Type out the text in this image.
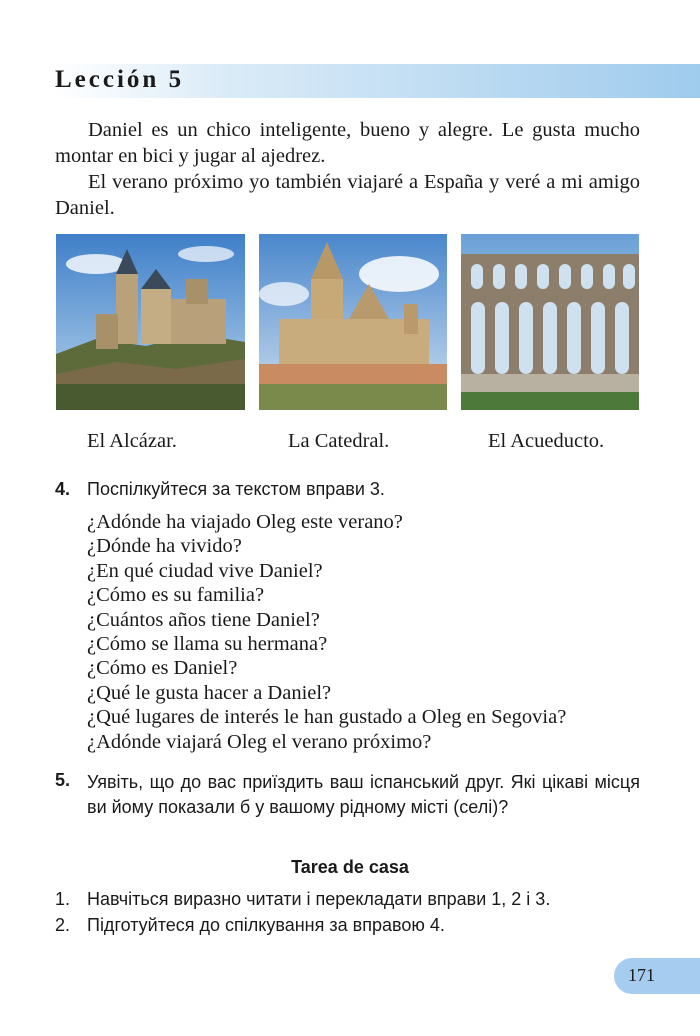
Lección 5

Daniel es un chico inteligente, bueno y alegre. Le gusta mucho montar en bici y jugar al ajedrez.

El verano próximo yo también viajaré a España y veré a mi amigo Daniel.

El Alcázar.	La Catedral.	El Acueducto.
4. Поспілкуйтеся за текстом вправи 3.
¿Adónde ha viajado Oleg este verano?
¿Dónde ha vivido?
¿En qué ciudad vive Daniel?
¿Cómo es su familia?
¿Cuántos años tiene Daniel?
¿Cómo se llama su hermana?
¿Cómo es Daniel?
¿Qué le gusta hacer a Daniel?
¿Qué lugares de interés le han gustado a Oleg en Segovia?
¿Adónde viajará Oleg el verano próximo?
5. Уявіть, що до вас приїздить ваш іспанський друг. Які цікаві місця ви йому показали б у вашому рідному місті (селі)?
Tarea de casa
1. Навчіться виразно читати і перекладати вправи 1, 2 і 3.
2. Підготуйтеся до спілкування за вправою 4.
171
